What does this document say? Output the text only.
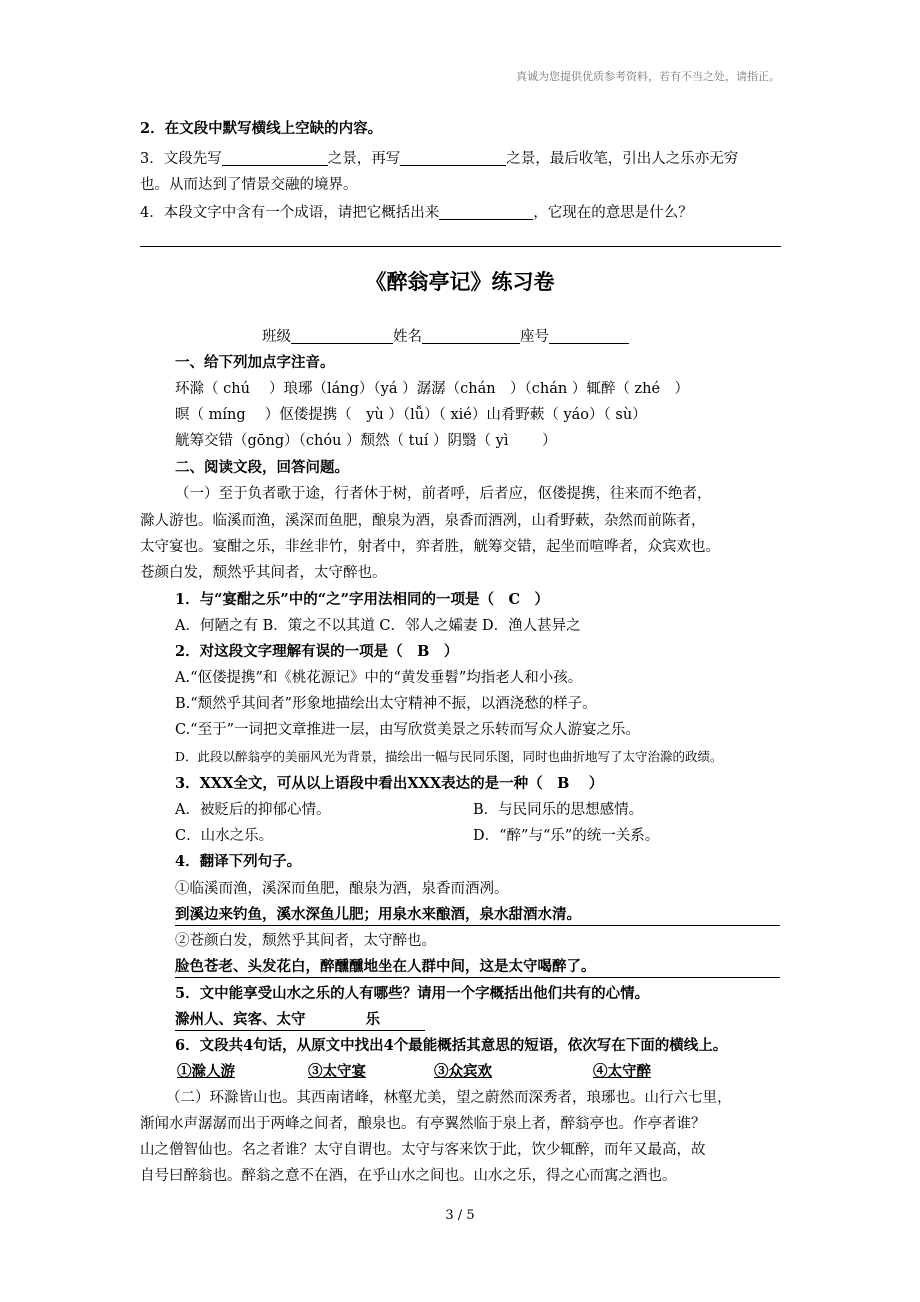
真诚为您提供优质参考资料，若有不当之处，请指正。
2．在文段中默写横线上空缺的内容。
3．文段先写	之景，再写	之景，最后收笔，引出人之乐亦无穷
也。从而达到了情景交融的境界。
4．本段文字中含有一个成语，请把它概括出来	，它现在的意思是什么？
《醉翁亭记》练习卷
班级	姓名	座号
一、给下列加点字注音。
环滁（ chú　 ）琅琊（láng）（yá ）潺潺（chán　）（chán ）辄醉（ zhé　）
暝（ míng　 ）伛偻提携（　yù ）（lǚ）（ xié）山肴野蔌（ yáo）（ sù）
觥筹交错（gōng）（chóu ）颓然（ tuí ）阴翳（ yì　　 ）
二、阅读文段，回答问题。
（一）至于负者歌于途，行者休于树，前者呼，后者应，伛偻提携，往来而不绝者，
滁人游也。临溪而渔，溪深而鱼肥，酿泉为酒，泉香而酒冽，山肴野蔌，杂然而前陈者，
太守宴也。宴酣之乐，非丝非竹，射者中，弈者胜，觥筹交错，起坐而喧哗者，众宾欢也。
苍颜白发，颓然乎其间者，太守醉也。
1．与“宴酣之乐”中的“之”字用法相同的一项是（　C　）
A．何陋之有 B．策之不以其道 C．邻人之孀妻 D．渔人甚异之
2．对这段文字理解有误的一项是（　B　）
A.“伛偻提携”和《桃花源记》中的“黄发垂髫”均指老人和小孩。
B.“颓然乎其间者”形象地描绘出太守精神不振，以酒浇愁的样子。
C.“至于”一词把文章推进一层，由写欣赏美景之乐转而写众人游宴之乐。
D．此段以醉翁亭的美丽风光为背景，描绘出一幅与民同乐图，同时也曲折地写了太守治滁的政绩。
3．XXX全文，可从以上语段中看出XXX表达的是一种（　B　 ）
A．被贬后的抑郁心情。	B．与民同乐的思想感情。
C．山水之乐。	D．“醉”与“乐”的统一关系。
4．翻译下列句子。
①临溪而渔，溪深而鱼肥，酿泉为酒，泉香而酒冽。
到溪边来钓鱼，溪水深鱼儿肥；用泉水来酿酒，泉水甜酒水清。
②苍颜白发，颓然乎其间者，太守醉也。
脸色苍老、头发花白，醉醺醺地坐在人群中间，这是太守喝醉了。
5．文中能享受山水之乐的人有哪些？请用一个字概括出他们共有的心情。
滁州人、宾客、太守	乐
6．文段共4句话，从原文中找出4个最能概括其意思的短语，依次写在下面的横线上。
①滁人游	③太守宴	③众宾欢	④太守醉
（二）环滁皆山也。其西南诸峰，林壑尤美，望之蔚然而深秀者，琅琊也。山行六七里，
渐闻水声潺潺而出于两峰之间者，酿泉也。有亭翼然临于泉上者，醉翁亭也。作亭者谁？
山之僧智仙也。名之者谁？太守自谓也。太守与客来饮于此，饮少辄醉，而年又最高，故
自号曰醉翁也。醉翁之意不在酒，在乎山水之间也。山水之乐，得之心而寓之酒也。
3 / 5
